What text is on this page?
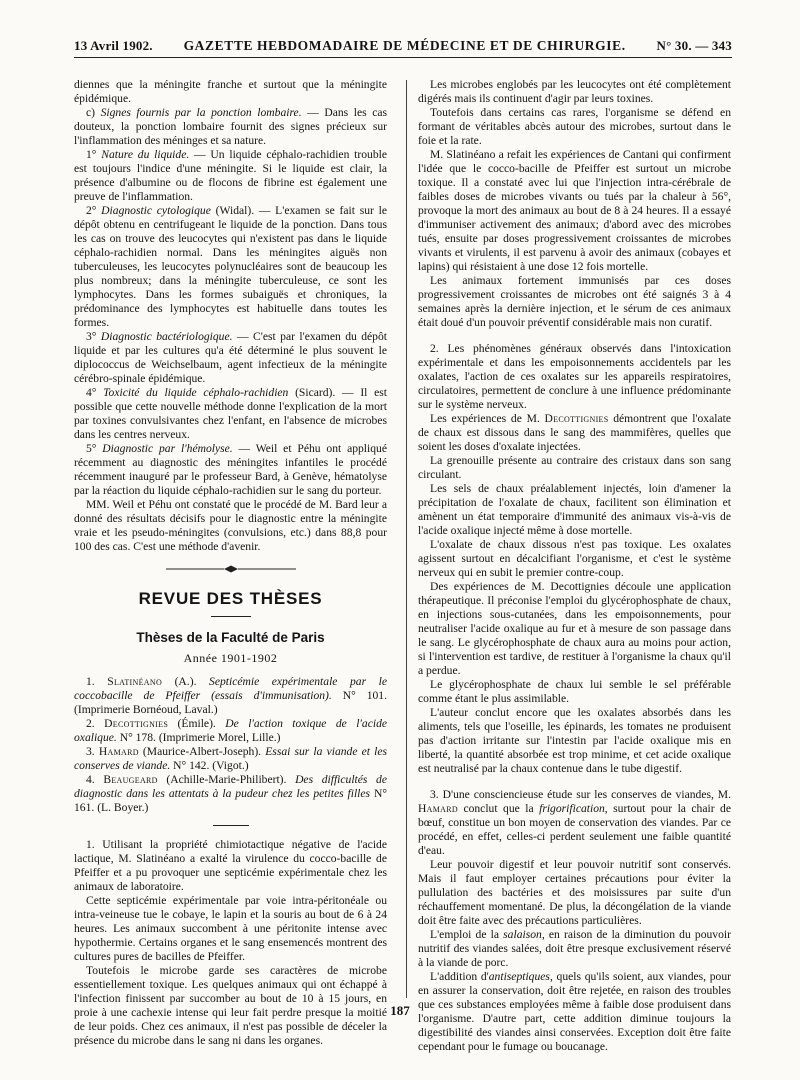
13 Avril 1902. GAZETTE HEBDOMADAIRE DE MÉDECINE ET DE CHIRURGIE. N° 30. — 343

diennes que la méningite franche et surtout que la méningite épidémique.

c) Signes fournis par la ponction lombaire. — Dans les cas douteux, la ponction lombaire fournit des signes précieux sur l'inflammation des méninges et sa nature.

1° Nature du liquide. — Un liquide céphalo-rachidien trouble est toujours l'indice d'une méningite. Si le liquide est clair, la présence d'albumine ou de flocons de fibrine est également une preuve de l'inflammation.

2° Diagnostic cytologique (Widal). — L'examen se fait sur le dépôt obtenu en centrifugeant le liquide de la ponction. Dans tous les cas on trouve des leucocytes qui n'existent pas dans le liquide céphalo-rachidien normal. Dans les méningites aiguës non tuberculeuses, les leucocytes polynucléaires sont de beaucoup les plus nombreux; dans la méningite tuberculeuse, ce sont les lymphocytes. Dans les formes subaiguës et chroniques, la prédominance des lymphocytes est habituelle dans toutes les formes.

3° Diagnostic bactériologique. — C'est par l'examen du dépôt liquide et par les cultures qu'a été déterminé le plus souvent le diplococcus de Weichselbaum, agent infectieux de la méningite cérébro-spinale épidémique.

4° Toxicité du liquide céphalo-rachidien (Sicard). — Il est possible que cette nouvelle méthode donne l'explication de la mort par toxines convulsivantes chez l'enfant, en l'absence de microbes dans les centres nerveux.

5° Diagnostic par l'hémolyse. — Weil et Péhu ont appliqué récemment au diagnostic des méningites infantiles le procédé récemment inauguré par le professeur Bard, à Genève, hématolyse par la réaction du liquide céphalo-rachidien sur le sang du porteur.

MM. Weil et Péhu ont constaté que le procédé de M. Bard leur a donné des résultats décisifs pour le diagnostic entre la méningite vraie et les pseudo-méningites (convulsions, etc.) dans 88,8 pour 100 des cas. C'est une méthode d'avenir.

REVUE DES THÈSES
Thèses de la Faculté de Paris
Année 1901-1902

1. Slatinéano (A.). Septicémie expérimentale par le coccobacille de Pfeiffer (essais d'immunisation). N° 101. (Imprimerie Bornéoud, Laval.)

2. Decottignies (Émile). De l'action toxique de l'acide oxalique. N° 178. (Imprimerie Morel, Lille.)

3. Hamard (Maurice-Albert-Joseph). Essai sur la viande et les conserves de viande. N° 142. (Vigot.)

4. Beaugeard (Achille-Marie-Philibert). Des difficultés de diagnostic dans les attentats à la pudeur chez les petites filles N° 161. (L. Boyer.)

1. Utilisant la propriété chimiotactique négative de l'acide lactique, M. Slatinéano a exalté la virulence du cocco-bacille de Pfeiffer et a pu provoquer une septicémie expérimentale chez les animaux de laboratoire.

Cette septicémie expérimentale par voie intra-péritonéale ou intra-veineuse tue le cobaye, le lapin et la souris au bout de 6 à 24 heures. Les animaux succombent à une péritonite intense avec hypothermie. Certains organes et le sang ensemencés montrent des cultures pures de bacilles de Pfeiffer.

Toutefois le microbe garde ses caractères de microbe essentiellement toxique. Les quelques animaux qui ont échappé à l'infection finissent par succomber au bout de 10 à 15 jours, en proie à une cachexie intense qui leur fait perdre presque la moitié de leur poids. Chez ces animaux, il n'est pas possible de déceler la présence du microbe dans le sang ni dans les organes.

Les microbes englobés par les leucocytes ont été complètement digérés mais ils continuent d'agir par leurs toxines.

Toutefois dans certains cas rares, l'organisme se défend en formant de véritables abcès autour des microbes, surtout dans le foie et la rate.

M. Slatinéano a refait les expériences de Cantani qui confirment l'idée que le cocco-bacille de Pfeiffer est surtout un microbe toxique. Il a constaté avec lui que l'injection intra-cérébrale de faibles doses de microbes vivants ou tués par la chaleur à 56°, provoque la mort des animaux au bout de 8 à 24 heures. Il a essayé d'immuniser activement des animaux; d'abord avec des microbes tués, ensuite par doses progressivement croissantes de microbes vivants et virulents, il est parvenu à avoir des animaux (cobayes et lapins) qui résistaient à une dose 12 fois mortelle.

Les animaux fortement immunisés par ces doses progressivement croissantes de microbes ont été saignés 3 à 4 semaines après la dernière injection, et le sérum de ces animaux était doué d'un pouvoir préventif considérable mais non curatif.

2. Les phénomènes généraux observés dans l'intoxication expérimentale et dans les empoisonnements accidentels par les oxalates, l'action de ces oxalates sur les appareils respiratoires, circulatoires, permettent de conclure à une influence prédominante sur le système nerveux.

Les expériences de M. Decottignies démontrent que l'oxalate de chaux est dissous dans le sang des mammifères, quelles que soient les doses d'oxalate injectées.

La grenouille présente au contraire des cristaux dans son sang circulant.

Les sels de chaux préalablement injectés, loin d'amener la précipitation de l'oxalate de chaux, facilitent son élimination et amènent un état temporaire d'immunité des animaux vis-à-vis de l'acide oxalique injecté même à dose mortelle.

L'oxalate de chaux dissous n'est pas toxique. Les oxalates agissent surtout en décalcifiant l'organisme, et c'est le système nerveux qui en subit le premier contre-coup.

Des expériences de M. Decottignies découle une application thérapeutique. Il préconise l'emploi du glycérophosphate de chaux, en injections sous-cutanées, dans les empoisonnements, pour neutraliser l'acide oxalique au fur et à mesure de son passage dans le sang. Le glycérophosphate de chaux aura au moins pour action, si l'intervention est tardive, de restituer à l'organisme la chaux qu'il a perdue.

Le glycérophosphate de chaux lui semble le sel préférable comme étant le plus assimilable.

L'auteur conclut encore que les oxalates absorbés dans les aliments, tels que l'oseille, les épinards, les tomates ne produisent pas d'action irritante sur l'intestin par l'acide oxalique mis en liberté, la quantité absorbée est trop minime, et cet acide oxalique est neutralisé par la chaux contenue dans le tube digestif.

3. D'une consciencieuse étude sur les conserves de viandes, M. Hamard conclut que la frigorification, surtout pour la chair de bœuf, constitue un bon moyen de conservation des viandes. Par ce procédé, en effet, celles-ci perdent seulement une faible quantité d'eau.

Leur pouvoir digestif et leur pouvoir nutritif sont conservés. Mais il faut employer certaines précautions pour éviter la pullulation des bactéries et des moisissures par suite d'un réchauffement momentané. De plus, la décongélation de la viande doit être faite avec des précautions particulières.

L'emploi de la salaison, en raison de la diminution du pouvoir nutritif des viandes salées, doit être presque exclusivement réservé à la viande de porc.

L'addition d'antiseptiques, quels qu'ils soient, aux viandes, pour en assurer la conservation, doit être rejetée, en raison des troubles que ces substances employées même à faible dose produisent dans l'organisme. D'autre part, cette addition diminue toujours la digestibilité des viandes ainsi conservées. Exception doit être faite cependant pour le fumage ou boucanage.

187
